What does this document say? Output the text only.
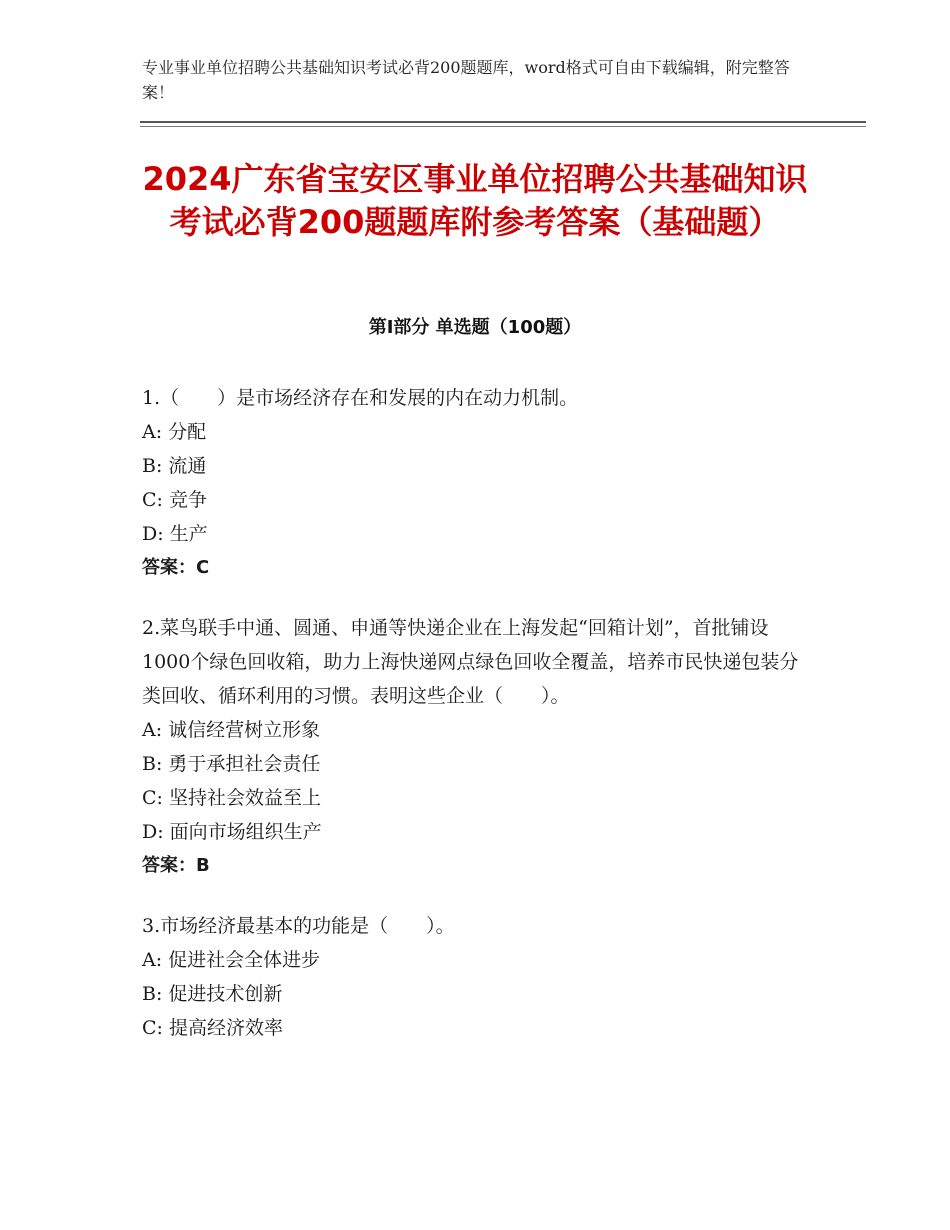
专业事业单位招聘公共基础知识考试必背200题题库，word格式可自由下载编辑，附完整答案！
2024广东省宝安区事业单位招聘公共基础知识考试必背200题题库附参考答案（基础题）
第Ⅰ部分 单选题（100题）

1.（　　）是市场经济存在和发展的内在动力机制。

A: 分配

B: 流通

C: 竞争

D: 生产

答案：C

2.菜鸟联手中通、圆通、申通等快递企业在上海发起“回箱计划”，首批铺设1000个绿色回收箱，助力上海快递网点绿色回收全覆盖，培养市民快递包装分类回收、循环利用的习惯。表明这些企业（　　）。

A: 诚信经营树立形象

B: 勇于承担社会责任

C: 坚持社会效益至上

D: 面向市场组织生产

答案：B

3.市场经济最基本的功能是（　　）。

A: 促进社会全体进步

B: 促进技术创新

C: 提高经济效率
